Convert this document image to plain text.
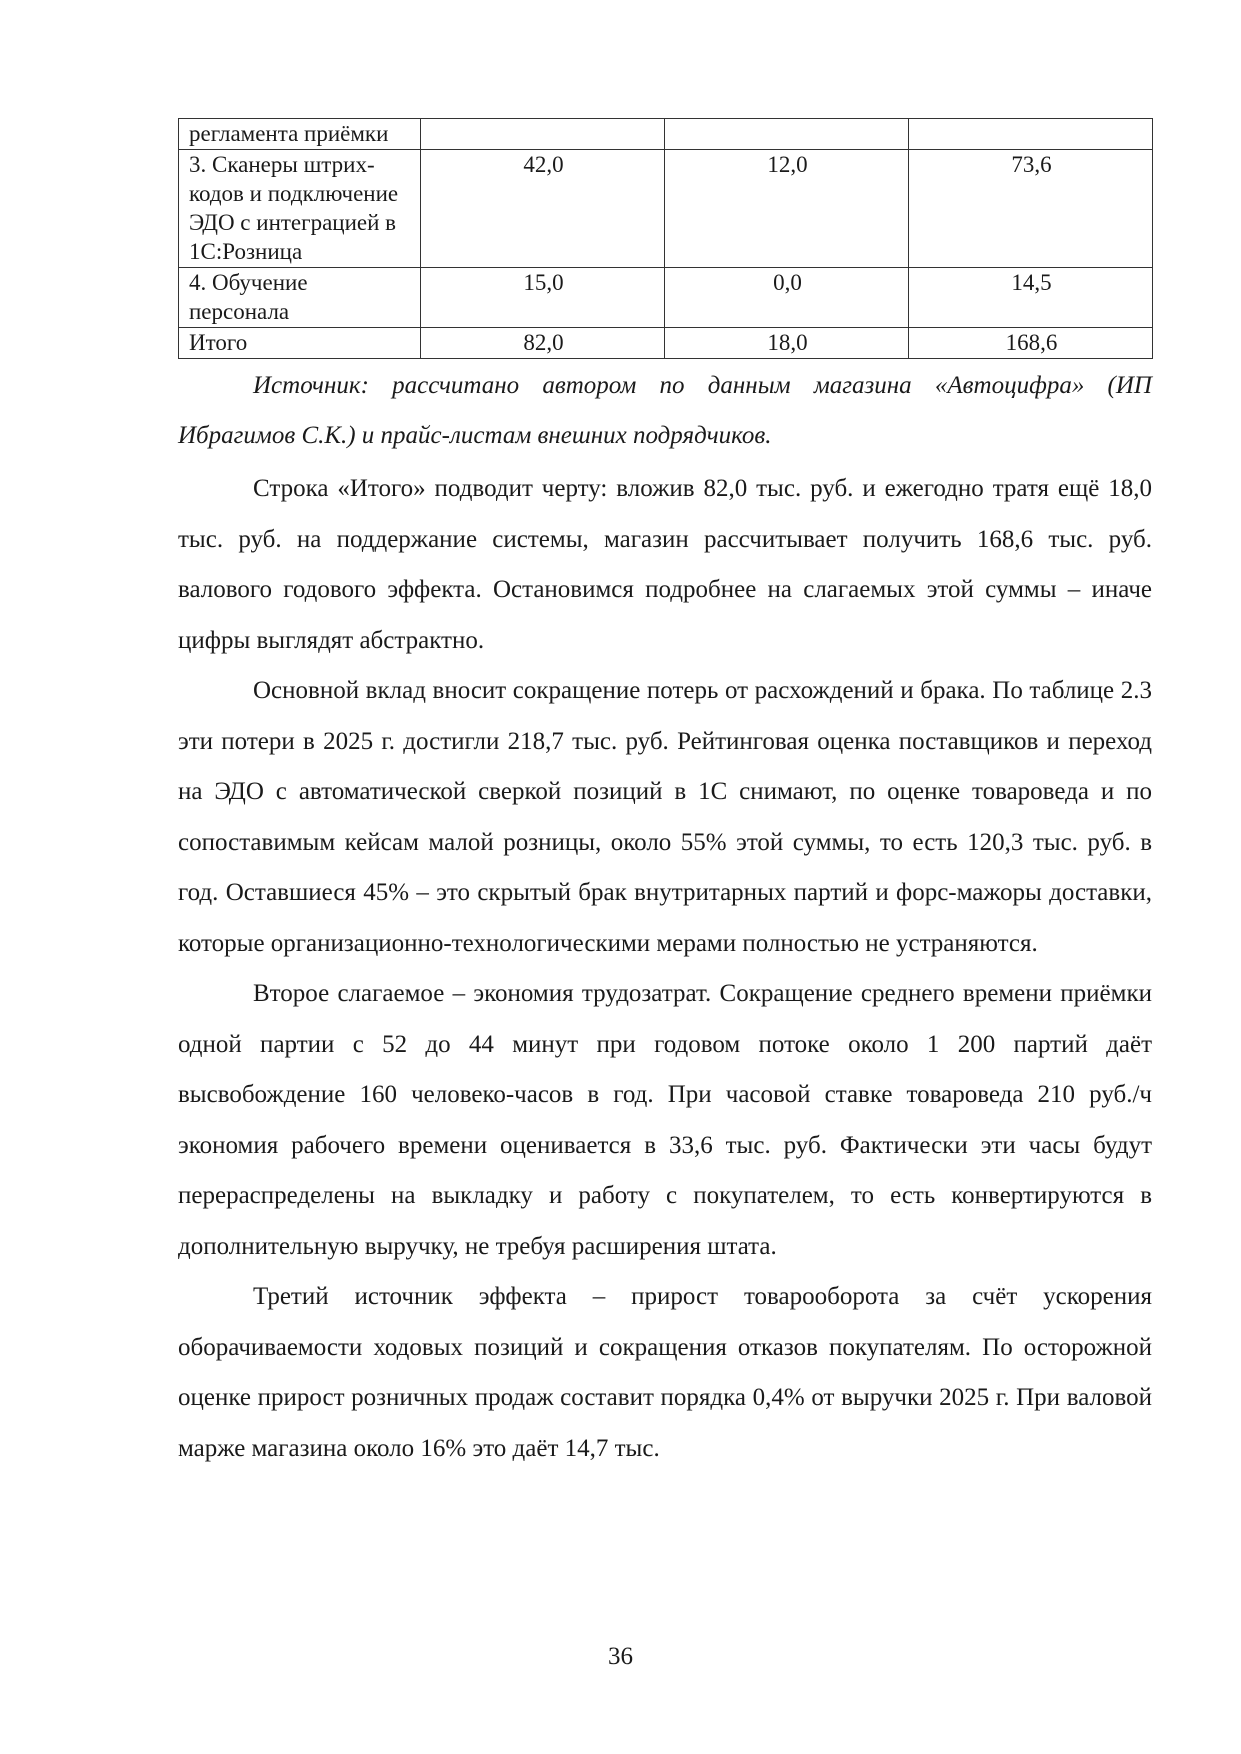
регламента приёмки			
3. Сканеры штрих-кодов и подключение ЭДО с интеграцией в 1С:Розница	42,0	12,0	73,6
4. Обучение персонала	15,0	0,0	14,5
Итого	82,0	18,0	168,6

Источник: рассчитано автором по данным магазина «Автоцифра» (ИП Ибрагимов С.К.) и прайс-листам внешних подрядчиков.

Строка «Итого» подводит черту: вложив 82,0 тыс. руб. и ежегодно тратя ещё 18,0 тыс. руб. на поддержание системы, магазин рассчитывает получить 168,6 тыс. руб. валового годового эффекта. Остановимся подробнее на слагаемых этой суммы – иначе цифры выглядят абстрактно.

Основной вклад вносит сокращение потерь от расхождений и брака. По таблице 2.3 эти потери в 2025 г. достигли 218,7 тыс. руб. Рейтинговая оценка поставщиков и переход на ЭДО с автоматической сверкой позиций в 1С снимают, по оценке товароведа и по сопоставимым кейсам малой розницы, около 55% этой суммы, то есть 120,3 тыс. руб. в год. Оставшиеся 45% – это скрытый брак внутритарных партий и форс-мажоры доставки, которые организационно-технологическими мерами полностью не устраняются.

Второе слагаемое – экономия трудозатрат. Сокращение среднего времени приёмки одной партии с 52 до 44 минут при годовом потоке около 1 200 партий даёт высвобождение 160 человеко-часов в год. При часовой ставке товароведа 210 руб./ч экономия рабочего времени оценивается в 33,6 тыс. руб. Фактически эти часы будут перераспределены на выкладку и работу с покупателем, то есть конвертируются в дополнительную выручку, не требуя расширения штата.

Третий источник эффекта – прирост товарооборота за счёт ускорения оборачиваемости ходовых позиций и сокращения отказов покупателям. По осторожной оценке прирост розничных продаж составит порядка 0,4% от выручки 2025 г. При валовой марже магазина около 16% это даёт 14,7 тыс.

36
